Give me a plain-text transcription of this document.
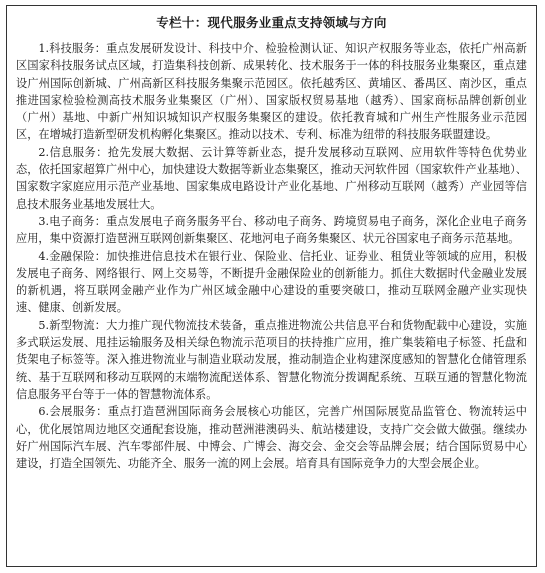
专栏十：现代服务业重点支持领域与方向

1.科技服务：重点发展研发设计、科技中介、检验检测认证、知识产权服务等业态，依托广州高新区国家科技服务试点区域，打造集科技创新、成果转化、技术服务于一体的科技服务业集聚区，重点建设广州国际创新城、广州高新区科技服务集聚示范园区。依托越秀区、黄埔区、番禺区、南沙区，重点推进国家检验检测高技术服务业集聚区（广州）、国家版权贸易基地（越秀）、国家商标品牌创新创业（广州）基地、中新广州知识城知识产权服务集聚区的建设。依托教育城和广州生产性服务业示范园区，在增城打造新型研发机构孵化集聚区。推动以技术、专利、标准为纽带的科技服务联盟建设。

2.信息服务：抢先发展大数据、云计算等新业态，提升发展移动互联网、应用软件等特色优势业态，依托国家超算广州中心，加快建设大数据等新业态集聚区，推动天河软件园（国家软件产业基地）、国家数字家庭应用示范产业基地、国家集成电路设计产业化基地、广州移动互联网（越秀）产业园等信息技术服务业基地发展壮大。

3.电子商务：重点发展电子商务服务平台、移动电子商务、跨境贸易电子商务，深化企业电子商务应用，集中资源打造琶洲互联网创新集聚区、花地河电子商务集聚区、状元谷国家电子商务示范基地。

4.金融保险：加快推进信息技术在银行业、保险业、信托业、证券业、租赁业等领域的应用，积极发展电子商务、网络银行、网上交易等，不断提升金融保险业的创新能力。抓住大数据时代金融业发展的新机遇，将互联网金融产业作为广州区域金融中心建设的重要突破口，推动互联网金融产业实现快速、健康、创新发展。

5.新型物流：大力推广现代物流技术装备，重点推进物流公共信息平台和货物配载中心建设，实施多式联运发展、甩挂运输服务及相关绿色物流示范项目的扶持推广应用，推广集装箱电子标签、托盘和货架电子标签等。深入推进物流业与制造业联动发展，推动制造企业构建深度感知的智慧化仓储管理系统、基于互联网和移动互联网的末端物流配送体系、智慧化物流分拨调配系统、互联互通的智慧化物流信息服务平台等于一体的智慧物流体系。

6.会展服务：重点打造琶洲国际商务会展核心功能区，完善广州国际展览品监管仓、物流转运中心，优化展馆周边地区交通配套设施，推动琶洲港澳码头、航站楼建设，支持广交会做大做强。继续办好广州国际汽车展、汽车零部件展、中博会、广博会、海交会、金交会等品牌会展；结合国际贸易中心建设，打造全国领先、功能齐全、服务一流的网上会展。培育具有国际竞争力的大型会展企业。
